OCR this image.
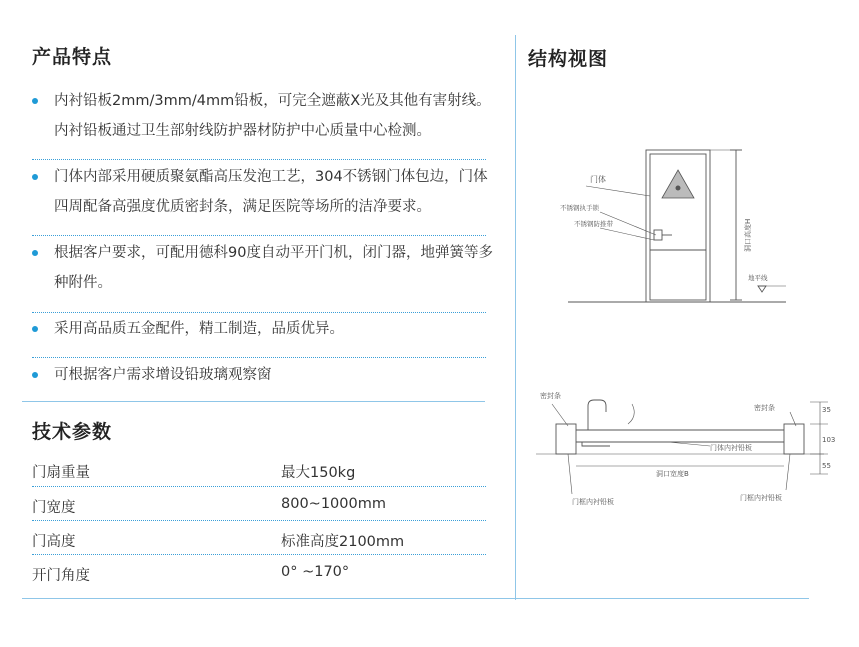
产品特点
内衬铅板2mm/3mm/4mm铅板，可完全遮蔽X光及其他有害射线。内衬铅板通过卫生部射线防护器材防护中心质量中心检测。
门体内部采用硬质聚氨酯高压发泡工艺，304不锈钢门体包边，门体四周配备高强度优质密封条，满足医院等场所的洁净要求。
根据客户要求，可配用德科90度自动平开门机，闭门器，地弹簧等多种附件。
采用高品质五金配件，精工制造，品质优异。
可根据客户需求增设铅玻璃观察窗
技术参数
门扇重量	最大150kg
门宽度	800~1000mm
门高度	标准高度2100mm
开门角度	0° ~170°
结构视图
门体
不锈钢执手锁
不锈钢防推带
地平线
洞口高度H
密封条
密封条
门体内衬铅板
洞口宽度B
门框内衬铅板	门框内衬铅板
35
103
55
